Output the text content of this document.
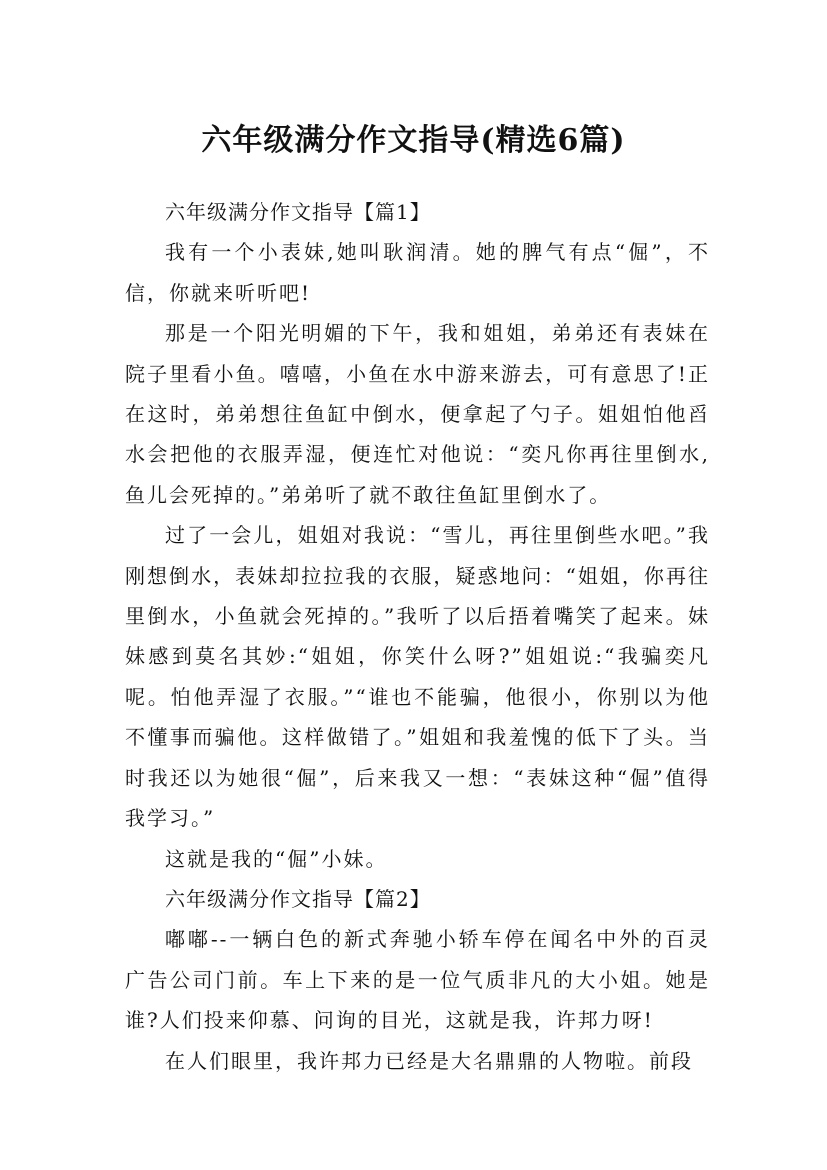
六年级满分作文指导(精选6篇)

六年级满分作文指导【篇1】

我有一个小表妹,她叫耿润清。她的脾气有点“倔”，不信，你就来听听吧!

那是一个阳光明媚的下午，我和姐姐，弟弟还有表妹在院子里看小鱼。嘻嘻，小鱼在水中游来游去，可有意思了!正在这时，弟弟想往鱼缸中倒水，便拿起了勺子。姐姐怕他舀水会把他的衣服弄湿，便连忙对他说：“奕凡你再往里倒水,鱼儿会死掉的。”弟弟听了就不敢往鱼缸里倒水了。

过了一会儿，姐姐对我说：“雪儿，再往里倒些水吧。”我刚想倒水，表妹却拉拉我的衣服，疑惑地问：“姐姐，你再往里倒水，小鱼就会死掉的。”我听了以后捂着嘴笑了起来。妹妹感到莫名其妙:“姐姐，你笑什么呀?”姐姐说:“我骗奕凡呢。怕他弄湿了衣服。”“谁也不能骗，他很小，你别以为他不懂事而骗他。这样做错了。”姐姐和我羞愧的低下了头。当时我还以为她很“倔”，后来我又一想：“表妹这种“倔”值得我学习。”

这就是我的“倔”小妹。

六年级满分作文指导【篇2】

嘟嘟--一辆白色的新式奔驰小轿车停在闻名中外的百灵广告公司门前。车上下来的是一位气质非凡的大小姐。她是谁?人们投来仰慕、问询的目光，这就是我，许邦力呀!

在人们眼里，我许邦力已经是大名鼎鼎的人物啦。前段
